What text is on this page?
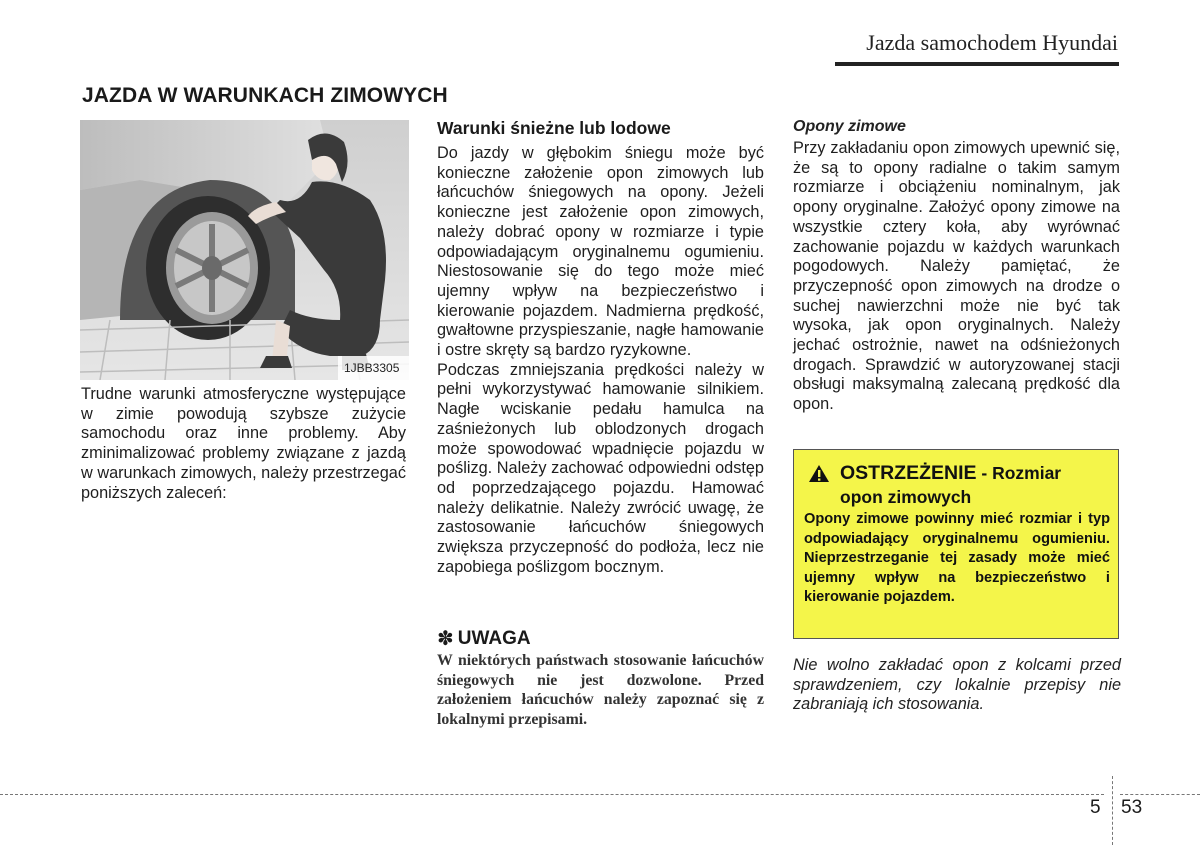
Jazda samochodem Hyundai
JAZDA W WARUNKACH ZIMOWYCH
1JBB3305
Trudne warunki atmosferyczne występujące w zimie powodują szybsze zużycie samochodu oraz inne problemy. Aby zminimalizować problemy związane z jazdą w warunkach zimowych, należy przestrzegać poniższych zaleceń:
Warunki śnieżne lub lodowe

Do jazdy w głębokim śniegu może być konieczne założenie opon zimowych lub łańcuchów śniegowych na opony. Jeżeli konieczne jest założenie opon zimowych, należy dobrać opony w rozmiarze i typie odpowiadającym oryginalnemu ogumieniu. Niestosowanie się do tego może mieć ujemny wpływ na bezpieczeństwo i kierowanie pojazdem. Nadmierna prędkość, gwałtowne przyspieszanie, nagłe hamowanie i ostre skręty są bardzo ryzykowne.

Podczas zmniejszania prędkości należy w pełni wykorzystywać hamowanie silnikiem. Nagłe wciskanie pedału hamulca na zaśnieżonych lub oblodzonych drogach może spowodować wpadnięcie pojazdu w poślizg. Należy zachować odpowiedni odstęp od poprzedzającego pojazdu. Hamować należy delikatnie. Należy zwrócić uwagę, że zastosowanie łańcuchów śniegowych zwiększa przyczepność do podłoża, lecz nie zapobiega poślizgom bocznym.

✽ UWAGA
W niektórych państwach stosowanie łańcuchów śniegowych nie jest dozwolone. Przed założeniem łańcuchów należy zapoznać się z lokalnymi przepisami.
Opony zimowe
Przy zakładaniu opon zimowych upewnić się, że są to opony radialne o takim samym rozmiarze i obciążeniu nominalnym, jak opony oryginalne. Założyć opony zimowe na wszystkie cztery koła, aby wyrównać zachowanie pojazdu w każdych warunkach pogodowych. Należy pamiętać, że przyczepność opon zimowych na drodze o suchej nawierzchni może nie być tak wysoka, jak opon oryginalnych. Należy jechać ostrożnie, nawet na odśnieżonych drogach. Sprawdzić w autoryzowanej stacji obsługi maksymalną zalecaną prędkość dla opon.
OSTRZEŻENIE - Rozmiar
opon zimowych
Opony zimowe powinny mieć rozmiar i typ odpowiadający oryginalnemu ogumieniu. Nieprzestrzeganie tej zasady może mieć ujemny wpływ na bezpieczeństwo i kierowanie pojazdem.
Nie wolno zakładać opon z kolcami przed sprawdzeniem, czy lokalnie przepisy nie zabraniają ich stosowania.
5 53
